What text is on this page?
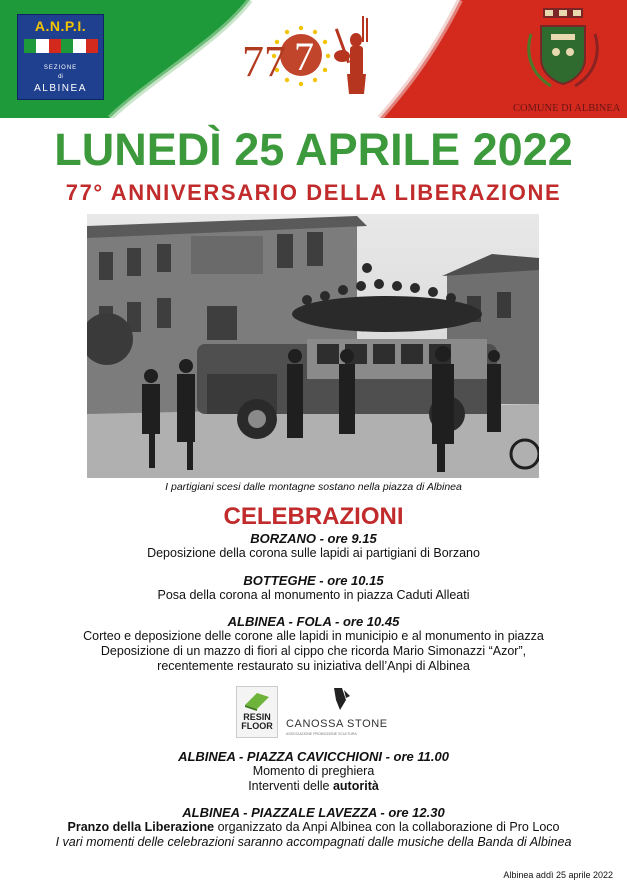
A.N.P.I.
SEZIONE
di
ALBINEA
7
77
COMUNE DI ALBINEA
LUNEDÌ 25 APRILE 2022
77° ANNIVERSARIO DELLA LIBERAZIONE
I partigiani scesi dalle montagne sostano nella piazza di Albinea
CELEBRAZIONI
BORZANO - ore 9.15
Deposizione della corona sulle lapidi ai partigiani di Borzano
BOTTEGHE - ore 10.15
Posa della corona al monumento in piazza Caduti Alleati
ALBINEA - FOLA - ore 10.45
Corteo e deposizione delle corone alle lapidi in municipio e al monumento in piazza
Deposizione di un mazzo di fiori al cippo che ricorda Mario Simonazzi “Azor”,
recentemente restaurato su iniziativa dell’Anpi di Albinea
RESIN FLOOR	CANOSSA STONE
ASSOCIAZIONE PROMOZIONE SCULTURA
ALBINEA - PIAZZA CAVICCHIONI - ore 11.00
Momento di preghiera
Interventi delle autorità
ALBINEA - PIAZZALE LAVEZZA - ore 12.30
Pranzo della Liberazione organizzato da Anpi Albinea con la collaborazione di Pro Loco
I vari momenti delle celebrazioni saranno accompagnati dalle musiche della Banda di Albinea
Albinea addì 25 aprile 2022
